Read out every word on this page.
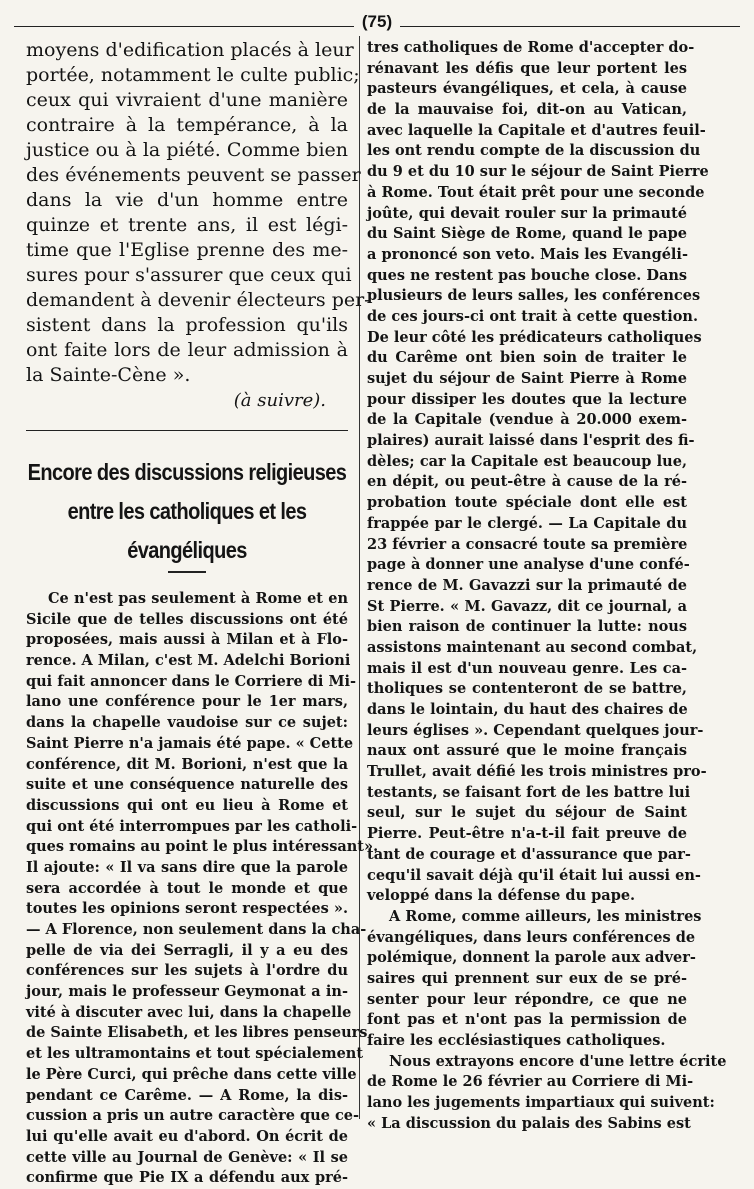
(75)
moyens d'edification placés à leur
portée, notamment le culte public;
ceux qui vivraient d'une manière
contraire à la tempérance, à la
justice ou à la piété. Comme bien
des événements peuvent se passer
dans la vie d'un homme entre
quinze et trente ans, il est légi-
time que l'Eglise prenne des me-
sures pour s'assurer que ceux qui
demandent à devenir électeurs per-
sistent dans la profession qu'ils
ont faite lors de leur admission à
la Sainte-Cène ».
(à suivre).
Encore des discussions religieuses
entre les catholiques et les évangéliques
Ce n'est pas seulement à Rome et en
Sicile que de telles discussions ont été
proposées, mais aussi à Milan et à Flo-
rence. A Milan, c'est M. Adelchi Borioni
qui fait annoncer dans le Corriere di Mi-
lano une conférence pour le 1er mars,
dans la chapelle vaudoise sur ce sujet:
Saint Pierre n'a jamais été pape. « Cette
conférence, dit M. Borioni, n'est que la
suite et une conséquence naturelle des
discussions qui ont eu lieu à Rome et
qui ont été interrompues par les catholi-
ques romains au point le plus intéressant».
Il ajoute: « Il va sans dire que la parole
sera accordée à tout le monde et que
toutes les opinions seront respectées ».
— A Florence, non seulement dans la cha-
pelle de via dei Serragli, il y a eu des
conférences sur les sujets à l'ordre du
jour, mais le professeur Geymonat a in-
vité à discuter avec lui, dans la chapelle
de Sainte Elisabeth, et les libres penseurs
et les ultramontains et tout spécialement
le Père Curci, qui prêche dans cette ville
pendant ce Carême. — A Rome, la dis-
cussion a pris un autre caractère que ce-
lui qu'elle avait eu d'abord. On écrit de
cette ville au Journal de Genève: « Il se
confirme que Pie IX a défendu aux pré-
tres catholiques de Rome d'accepter do-
rénavant les défis que leur portent les
pasteurs évangéliques, et cela, à cause
de la mauvaise foi, dit-on au Vatican,
avec laquelle la Capitale et d'autres feuil-
les ont rendu compte de la discussion du
du 9 et du 10 sur le séjour de Saint Pierre
à Rome. Tout était prêt pour une seconde
joûte, qui devait rouler sur la primauté
du Saint Siège de Rome, quand le pape
a prononcé son veto. Mais les Evangéli-
ques ne restent pas bouche close. Dans
plusieurs de leurs salles, les conférences
de ces jours-ci ont trait à cette question.
De leur côté les prédicateurs catholiques
du Carême ont bien soin de traiter le
sujet du séjour de Saint Pierre à Rome
pour dissiper les doutes que la lecture
de la Capitale (vendue à 20.000 exem-
plaires) aurait laissé dans l'esprit des fi-
dèles; car la Capitale est beaucoup lue,
en dépit, ou peut-être à cause de la ré-
probation toute spéciale dont elle est
frappée par le clergé. — La Capitale du
23 février a consacré toute sa première
page à donner une analyse d'une confé-
rence de M. Gavazzi sur la primauté de
St Pierre. « M. Gavazz, dit ce journal, a
bien raison de continuer la lutte: nous
assistons maintenant au second combat,
mais il est d'un nouveau genre. Les ca-
tholiques se contenteront de se battre,
dans le lointain, du haut des chaires de
leurs églises ». Cependant quelques jour-
naux ont assuré que le moine français
Trullet, avait défié les trois ministres pro-
testants, se faisant fort de les battre lui
seul, sur le sujet du séjour de Saint
Pierre. Peut-être n'a-t-il fait preuve de
tant de courage et d'assurance que par-
cequ'il savait déjà qu'il était lui aussi en-
veloppé dans la défense du pape.
A Rome, comme ailleurs, les ministres
évangéliques, dans leurs conférences de
polémique, donnent la parole aux adver-
saires qui prennent sur eux de se pré-
senter pour leur répondre, ce que ne
font pas et n'ont pas la permission de
faire les ecclésiastiques catholiques.
Nous extrayons encore d'une lettre écrite
de Rome le 26 février au Corriere di Mi-
lano les jugements impartiaux qui suivent:
« La discussion du palais des Sabins est
